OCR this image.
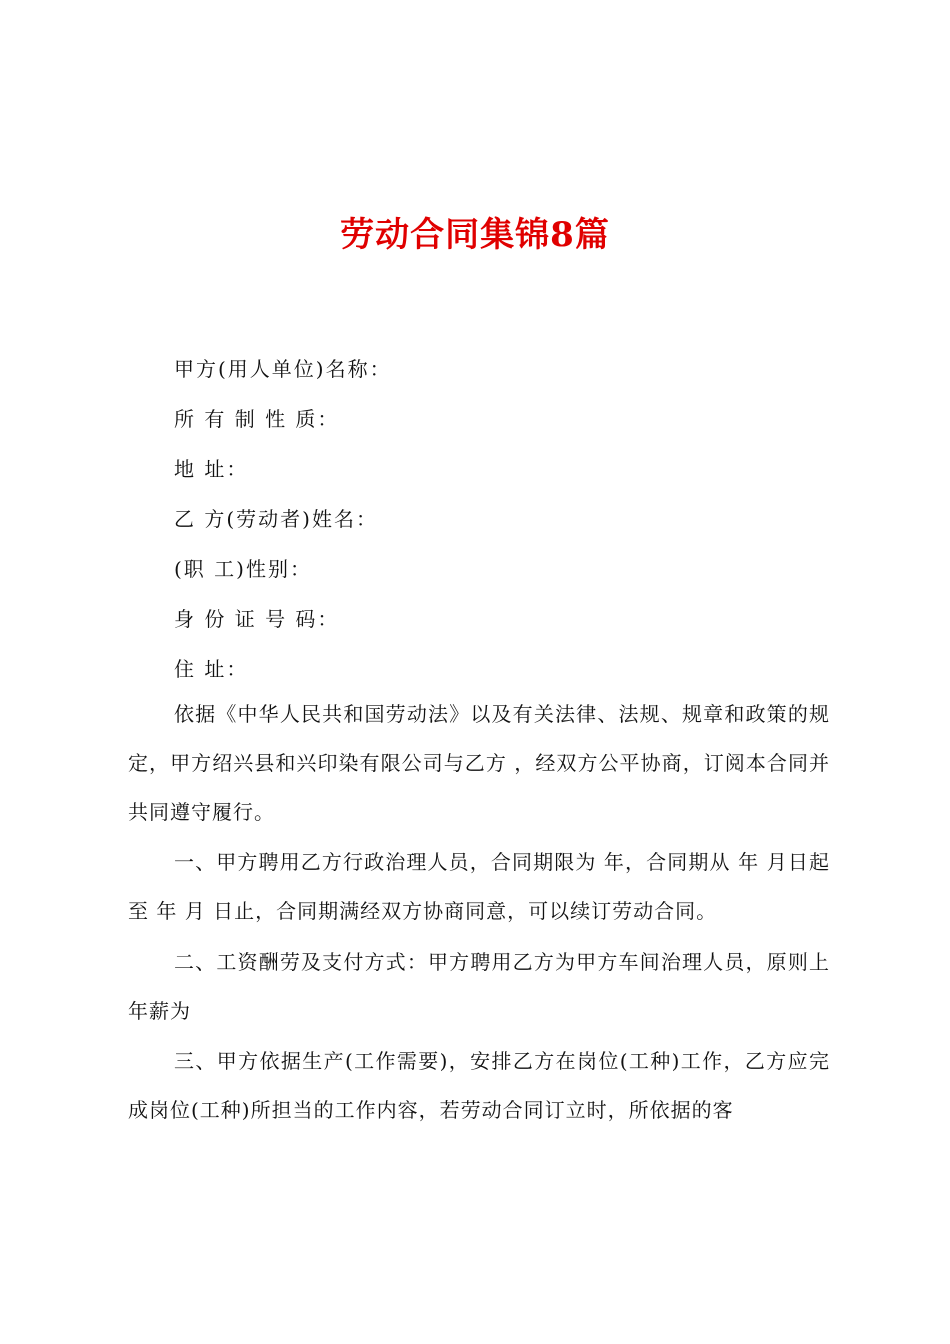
劳动合同集锦8篇
甲方(用人单位)名称：
所 有 制 性 质：
地 址：
乙 方(劳动者)姓名：
(职 工)性别：
身 份 证 号 码：
住 址：

依据《中华人民共和国劳动法》以及有关法律、法规、规章和政策的规定，甲方绍兴县和兴印染有限公司与乙方 ，经双方公平协商，订阅本合同并共同遵守履行。

一、甲方聘用乙方行政治理人员，合同期限为 年，合同期从 年 月日起至 年 月 日止，合同期满经双方协商同意，可以续订劳动合同。

二、工资酬劳及支付方式：甲方聘用乙方为甲方车间治理人员，原则上年薪为

三、甲方依据生产(工作需要)，安排乙方在岗位(工种)工作，乙方应完成岗位(工种)所担当的工作内容，若劳动合同订立时，所依据的客
